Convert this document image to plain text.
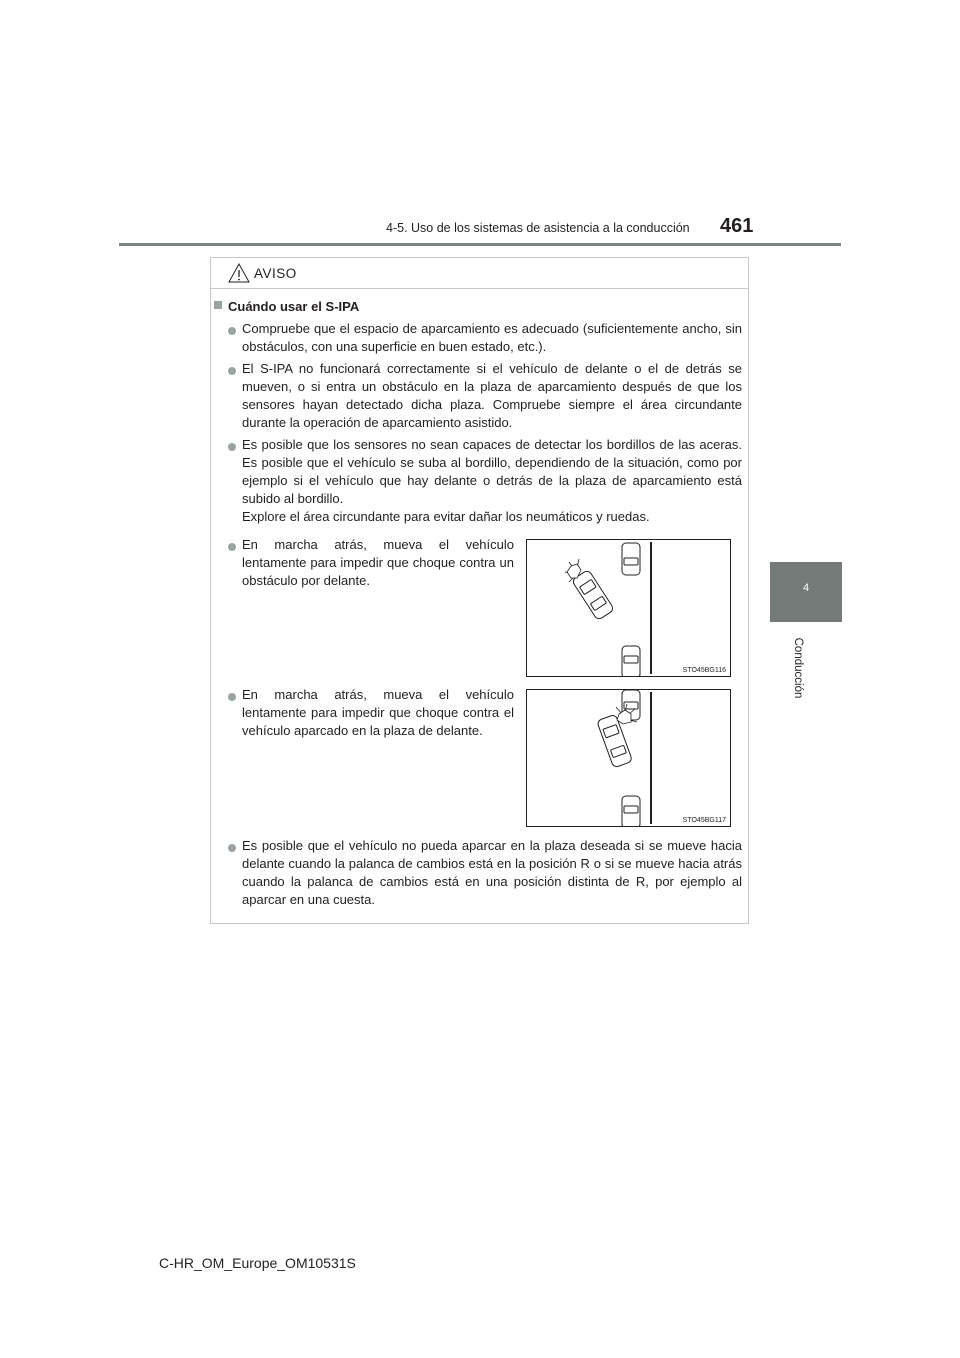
4-5. Uso de los sistemas de asistencia a la conducción 461
4
Conducción
AVISO
Cuándo usar el S-IPA
Compruebe que el espacio de aparcamiento es adecuado (suficientemente ancho, sin obstáculos, con una superficie en buen estado, etc.).
El S-IPA no funcionará correctamente si el vehículo de delante o el de detrás se mueven, o si entra un obstáculo en la plaza de aparcamiento después de que los sensores hayan detectado dicha plaza. Compruebe siempre el área circundante durante la operación de aparcamiento asistido.
Es posible que los sensores no sean capaces de detectar los bordillos de las aceras. Es posible que el vehículo se suba al bordillo, dependiendo de la situación, como por ejemplo si el vehículo que hay delante o detrás de la plaza de aparcamiento está subido al bordillo.
Explore el área circundante para evitar dañar los neumáticos y ruedas.
En marcha atrás, mueva el vehículo lentamente para impedir que choque contra un obstáculo por delante.
STO45BG116
En marcha atrás, mueva el vehículo lentamente para impedir que choque contra el vehículo aparcado en la plaza de delante.
STO45BG117
Es posible que el vehículo no pueda aparcar en la plaza deseada si se mueve hacia delante cuando la palanca de cambios está en la posición R o si se mueve hacia atrás cuando la palanca de cambios está en una posición distinta de R, por ejemplo al aparcar en una cuesta.
C-HR_OM_Europe_OM10531S
